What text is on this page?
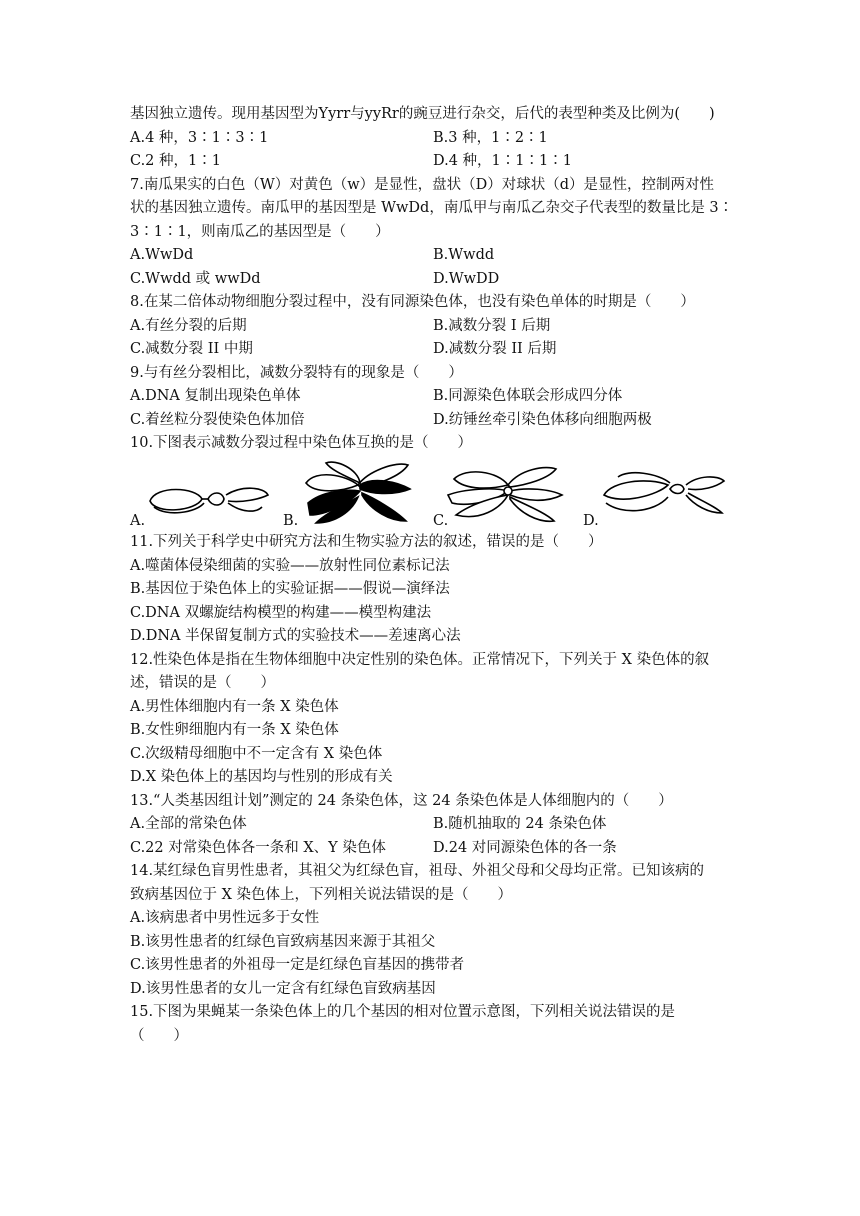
A.	B.	C.	D.
基因独立遗传。现用基因型为Yyrr与yyRr的豌豆进行杂交，后代的表型种类及比例为(　　)
A.4 种，3∶1∶3∶1	B.3 种，1∶2∶1
C.2 种，1∶1	D.4 种，1∶1∶1∶1
7.南瓜果实的白色（W）对黄色（w）是显性，盘状（D）对球状（d）是显性，控制两对性
状的基因独立遗传。南瓜甲的基因型是 WwDd，南瓜甲与南瓜乙杂交子代表型的数量比是 3∶
3∶1∶1，则南瓜乙的基因型是（　　）
A.WwDd	B.Wwdd
C.Wwdd 或 wwDd	D.WwDD
8.在某二倍体动物细胞分裂过程中，没有同源染色体，也没有染色单体的时期是（　　）
A.有丝分裂的后期	B.减数分裂 I 后期
C.减数分裂 II 中期	D.减数分裂 II 后期
9.与有丝分裂相比，减数分裂特有的现象是（　　）
A.DNA 复制出现染色单体	B.同源染色体联会形成四分体
C.着丝粒分裂使染色体加倍	D.纺锤丝牵引染色体移向细胞两极
10.下图表示减数分裂过程中染色体互换的是（　　）
11.下列关于科学史中研究方法和生物实验方法的叙述，错误的是（　　）
A.噬菌体侵染细菌的实验——放射性同位素标记法
B.基因位于染色体上的实验证据——假说—演绎法
C.DNA 双螺旋结构模型的构建——模型构建法
D.DNA 半保留复制方式的实验技术——差速离心法
12.性染色体是指在生物体细胞中决定性别的染色体。正常情况下，下列关于 X 染色体的叙
述，错误的是（　　）
A.男性体细胞内有一条 X 染色体
B.女性卵细胞内有一条 X 染色体
C.次级精母细胞中不一定含有 X 染色体
D.X 染色体上的基因均与性别的形成有关
13.“人类基因组计划”测定的 24 条染色体，这 24 条染色体是人体细胞内的（　　）
A.全部的常染色体	B.随机抽取的 24 条染色体
C.22 对常染色体各一条和 X、Y 染色体	D.24 对同源染色体的各一条
14.某红绿色盲男性患者，其祖父为红绿色盲，祖母、外祖父母和父母均正常。已知该病的
致病基因位于 X 染色体上，下列相关说法错误的是（　　）
A.该病患者中男性远多于女性
B.该男性患者的红绿色盲致病基因来源于其祖父
C.该男性患者的外祖母一定是红绿色盲基因的携带者
D.该男性患者的女儿一定含有红绿色盲致病基因
15.下图为果蝇某一条染色体上的几个基因的相对位置示意图，下列相关说法错误的是
（　　）
